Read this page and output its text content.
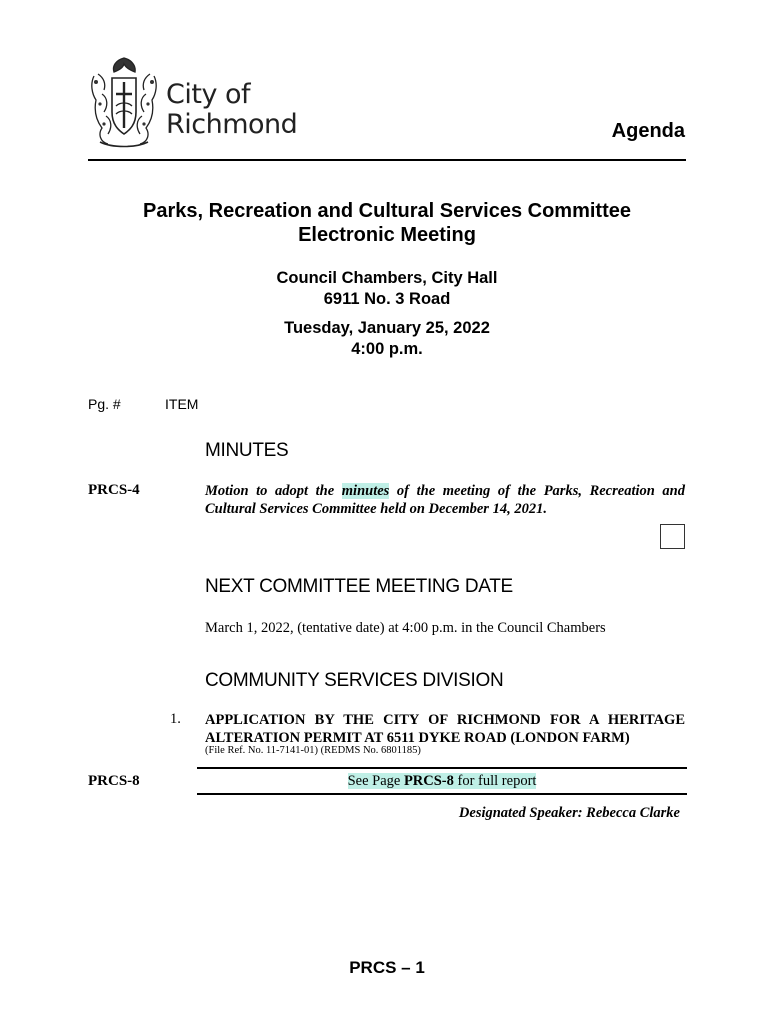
City of
Richmond	Agenda
Parks, Recreation and Cultural Services Committee
Electronic Meeting
Council Chambers, City Hall
6911 No. 3 Road
Tuesday, January 25, 2022
4:00 p.m.
Pg. #	ITEM
MINUTES
PRCS-4	Motion to adopt the minutes of the meeting of the Parks, Recreation and Cultural Services Committee held on December 14, 2021.
NEXT COMMITTEE MEETING DATE
March 1, 2022, (tentative date) at 4:00 p.m. in the Council Chambers
COMMUNITY SERVICES DIVISION
1. APPLICATION BY THE CITY OF RICHMOND FOR A HERITAGE ALTERATION PERMIT AT 6511 DYKE ROAD (LONDON FARM)
(File Ref. No. 11-7141-01) (REDMS No. 6801185)
PRCS-8	See Page PRCS-8 for full report
Designated Speaker: Rebecca Clarke
PRCS – 1
